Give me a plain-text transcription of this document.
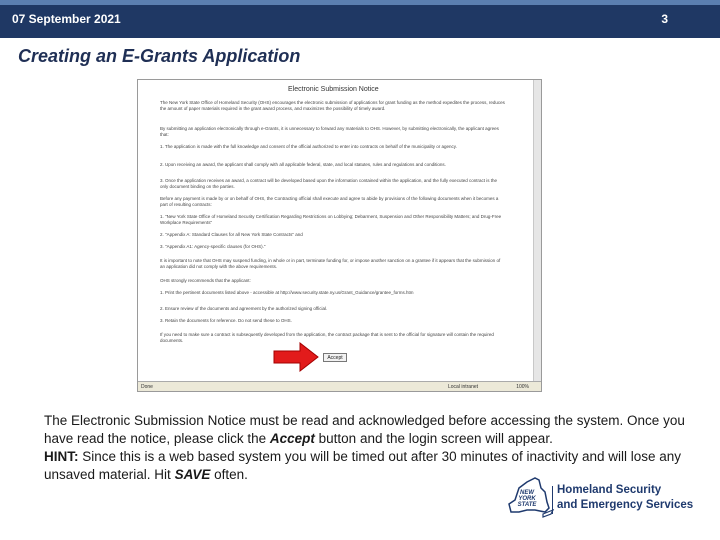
07 September 2021	3
Creating an E-Grants Application
Electronic Submission Notice
The New York State Office of Homeland Security (OHS) encourages the electronic submission of applications for grant funding as the method expedites the process, reduces the amount of paper materials required in the grant award process, and maximizes the possibility of timely award.
By submitting an application electronically through e-Grants, it is unnecessary to forward any materials to OHS. However, by submitting electronically, the applicant agrees that:
1. The application is made with the full knowledge and consent of the official authorized to enter into contracts on behalf of the municipality or agency.
2. Upon receiving an award, the applicant shall comply with all applicable federal, state, and local statutes, rules and regulations and conditions.
3. Once the application receives an award, a contract will be developed based upon the information contained within the application, and the fully executed contract is the only document binding on the parties.
Before any payment is made by or on behalf of OHS, the Contracting official shall execute and agree to abide by provisions of the following documents when it becomes a part of resulting contracts:
1. "New York State Office of Homeland Security Certification Regarding Restrictions on Lobbying; Debarment, Suspension and Other Responsibility Matters; and Drug-Free Workplace Requirements"
2. "Appendix A: Standard Clauses for all New York State Contracts" and
3. "Appendix A1: Agency-specific clauses (for OHS)."
It is important to note that OHS may suspend funding, in whole or in part, terminate funding for, or impose another sanction on a grantee if it appears that the submission of an application did not comply with the above requirements.
OHS strongly recommends that the applicant:
1. Print the pertinent documents listed above - accessible at http://www.security.state.ny.us/Grant_Guidance/grantee_forms.htm
2. Ensure review of the documents and agreement by the authorized signing official.
3. Retain the documents for reference. Do not send these to OHS.
If you need to make sure a contract is subsequently developed from the application, the contract package that is sent to the official for signature will contain the required documents.
Accept
Done	Local intranet	100%
The Electronic Submission Notice must be read and acknowledged before accessing the system. Once you have read the notice, please click the Accept button and the login screen will appear.
HINT: Since this is a web based system you will be timed out after 30 minutes of inactivity and will lose any unsaved material. Hit SAVE often.
NEW
YORK
STATE
Homeland Security
and Emergency Services
